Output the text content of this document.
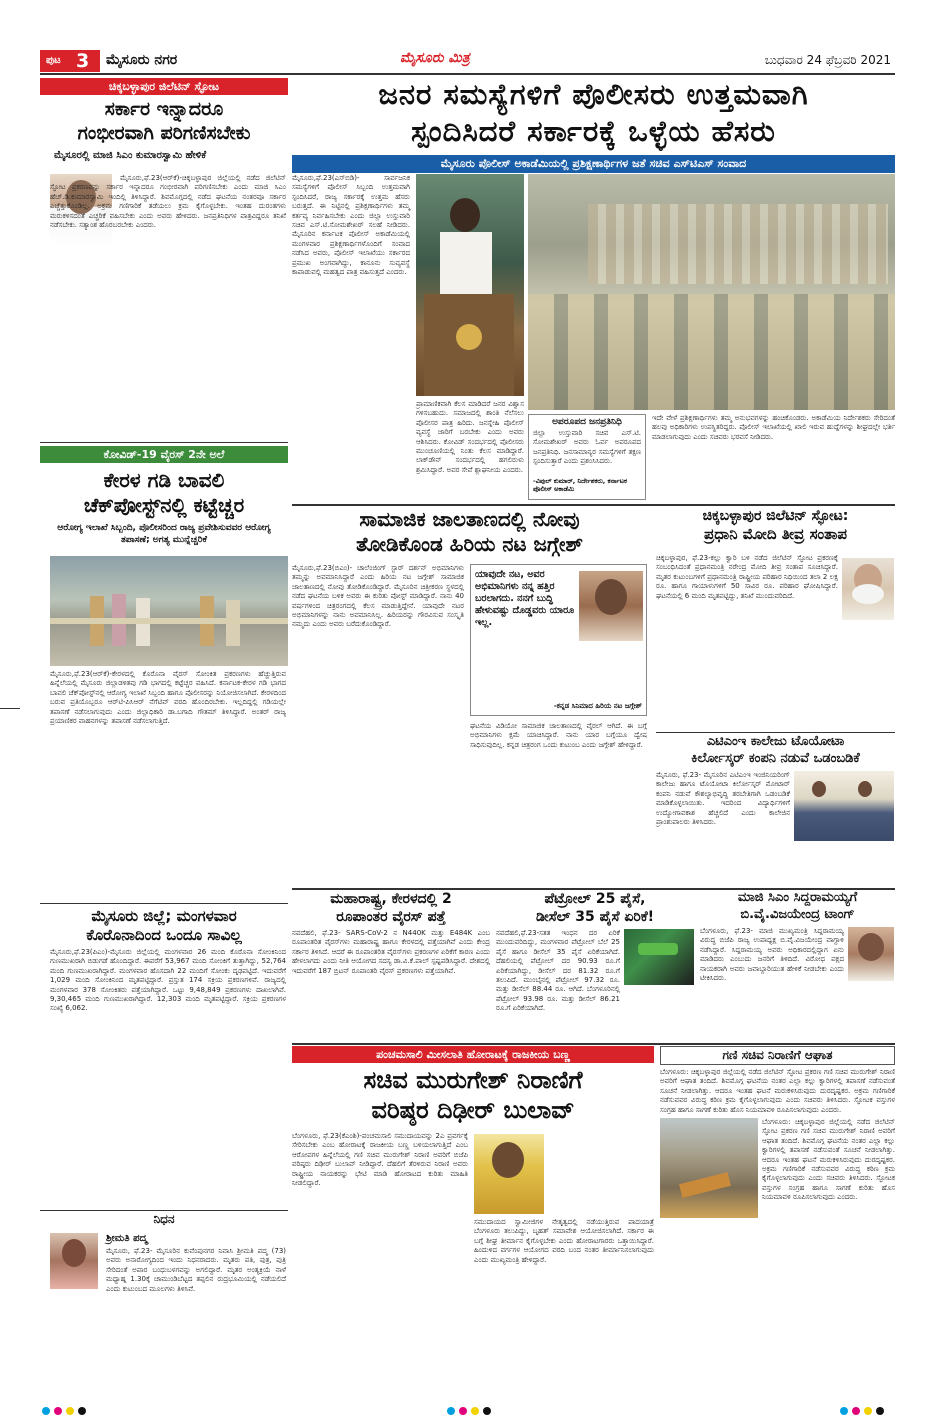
ಪುಟ 3 ಮೈಸೂರು ನಗರ	ಮೈಸೂರು ಮಿತ್ರ	ಬುಧವಾರ 24 ಫೆಬ್ರವರಿ 2021
ಚಿಕ್ಕಬಳ್ಳಾಪುರ ಜಿಲೆಟಿನ್ ಸ್ಫೋಟ
ಸರ್ಕಾರ ಇನ್ನಾದರೂ
ಗಂಭೀರವಾಗಿ ಪರಿಗಣಿಸಬೇಕು
ಮೈಸೂರಲ್ಲಿ ಮಾಜಿ ಸಿಎಂ ಕುಮಾರಸ್ವಾಮಿ ಹೇಳಿಕೆ
ಮೈಸೂರು,ಫೆ.23(ಆರ್‌ಕೆ)-ಚಿಕ್ಕಬಳ್ಳಾಪುರ ಜಿಲ್ಲೆಯಲ್ಲಿ ನಡೆದ ಜಿಲೆಟಿನ್ ಸ್ಫೋಟ ಪ್ರಕರಣವನ್ನು ಸರ್ಕಾರ ಇನ್ನಾದರೂ ಗಂಭೀರವಾಗಿ ಪರಿಗಣಿಸಬೇಕು ಎಂದು ಮಾಜಿ ಸಿಎಂ ಹೆಚ್.ಡಿ.ಕುಮಾರಸ್ವಾಮಿ ಇಂದಿಲ್ಲಿ ತಿಳಿಸಿದ್ದಾರೆ. ಶಿವಮೊಗ್ಗದಲ್ಲಿ ನಡೆದ ಘಟನೆಯ ನಂತರವೂ ಸರ್ಕಾರ ಎಚ್ಚೆತ್ತುಕೊಂಡಿಲ್ಲ. ಅಕ್ರಮ ಗಣಿಗಾರಿಕೆ ತಡೆಯಲು ಕ್ರಮ ಕೈಗೊಳ್ಳಬೇಕು. ಇಂತಹ ದುರಂತಗಳು ಮರುಕಳಿಸದಂತೆ ಎಚ್ಚರಿಕೆ ವಹಿಸಬೇಕು ಎಂದು ಅವರು ಹೇಳಿದರು. ಜನಪ್ರತಿನಿಧಿಗಳ ಪಾತ್ರವಿದ್ದರೂ ತನಿಖೆ ನಡೆಸಬೇಕು. ಸತ್ಯಾಂಶ ಹೊರಬರಬೇಕು ಎಂದರು.
ಕೋವಿಡ್-19 ವೈರಸ್ 2ನೇ ಅಲೆ
ಕೇರಳ ಗಡಿ ಬಾವಲಿ
ಚೆಕ್‌ಪೋಸ್ಟ್‌ನಲ್ಲಿ ಕಟ್ಟೆಚ್ಚರ
ಆರೋಗ್ಯ ಇಲಾಖೆ ಸಿಬ್ಬಂದಿ, ಪೊಲೀಸರಿಂದ ರಾಜ್ಯ ಪ್ರವೇಶಿಸುವವರ ಆರೋಗ್ಯ ತಪಾಸಣೆ; ಅಗತ್ಯ ಮುನ್ನೆಚ್ಚರಿಕೆ
ಮೈಸೂರು,ಫೆ.23(ಆರ್‌ಕೆ)-ಕೇರಳದಲ್ಲಿ ಕೊರೊನಾ ವೈರಸ್ ಸೋಂಕಿತ ಪ್ರಕರಣಗಳು ಹೆಚ್ಚುತ್ತಿರುವ ಹಿನ್ನೆಲೆಯಲ್ಲಿ ಮೈಸೂರು ಜಿಲ್ಲಾಡಳಿತವು ಗಡಿ ಭಾಗದಲ್ಲಿ ಕಟ್ಟೆಚ್ಚರ ವಹಿಸಿದೆ. ಕರ್ನಾಟಕ-ಕೇರಳ ಗಡಿ ಭಾಗದ ಬಾವಲಿ ಚೆಕ್‌ಪೋಸ್ಟ್‌ನಲ್ಲಿ ಆರೋಗ್ಯ ಇಲಾಖೆ ಸಿಬ್ಬಂದಿ ಹಾಗೂ ಪೊಲೀಸರನ್ನು ನಿಯೋಜಿಸಲಾಗಿದೆ. ಕೇರಳದಿಂದ ಬರುವ ಪ್ರತಿಯೊಬ್ಬರೂ ಆರ್‌ಟಿ-ಪಿಸಿಆರ್ ನೆಗೆಟಿವ್ ವರದಿ ಹೊಂದಿರಬೇಕು. ಇಲ್ಲದಿದ್ದಲ್ಲಿ ಗಡಿಯಲ್ಲೇ ತಪಾಸಣೆ ನಡೆಸಲಾಗುವುದು ಎಂದು ಜಿಲ್ಲಾಧಿಕಾರಿ ಡಾ.ಬಗಾದಿ ಗೌತಮ್ ತಿಳಿಸಿದ್ದಾರೆ. ಅಂತರ್ ರಾಜ್ಯ ಪ್ರಯಾಣಿಕರ ವಾಹನಗಳನ್ನು ತಪಾಸಣೆ ನಡೆಸಲಾಗುತ್ತಿದೆ.
ಮೈಸೂರು ಜಿಲ್ಲೆ; ಮಂಗಳವಾರ
ಕೊರೊನಾದಿಂದ ಒಂದೂ ಸಾವಿಲ್ಲ
ಮೈಸೂರು,ಫೆ.23(ಪಿಎಂ)-ಮೈಸೂರು ಜಿಲ್ಲೆಯಲ್ಲಿ ಮಂಗಳವಾರ 26 ಮಂದಿ ಕೊರೊನಾ ಸೋಂಕಿನಿಂದ ಗುಣಮುಖರಾಗಿ ಬಿಡುಗಡೆ ಹೊಂದಿದ್ದಾರೆ. ಈವರೆಗೆ 53,967 ಮಂದಿ ಸೋಂಕಿಗೆ ತುತ್ತಾಗಿದ್ದು, 52,764 ಮಂದಿ ಗುಣಮುಖರಾಗಿದ್ದಾರೆ. ಮಂಗಳವಾರ ಹೊಸದಾಗಿ 22 ಮಂದಿಗೆ ಸೋಂಕು ದೃಢಪಟ್ಟಿದೆ. ಇದುವರೆಗೆ 1,029 ಮಂದಿ ಸೋಂಕಿನಿಂದ ಮೃತಪಟ್ಟಿದ್ದಾರೆ. ಪ್ರಸ್ತುತ 174 ಸಕ್ರಿಯ ಪ್ರಕರಣಗಳಿವೆ. ರಾಜ್ಯದಲ್ಲಿ ಮಂಗಳವಾರ 378 ಸೋಂಕಿತರು ಪತ್ತೆಯಾಗಿದ್ದಾರೆ. ಒಟ್ಟು 9,48,849 ಪ್ರಕರಣಗಳು ದಾಖಲಾಗಿವೆ. 9,30,465 ಮಂದಿ ಗುಣಮುಖರಾಗಿದ್ದಾರೆ. 12,303 ಮಂದಿ ಮೃತಪಟ್ಟಿದ್ದಾರೆ. ಸಕ್ರಿಯ ಪ್ರಕರಣಗಳ ಸಂಖ್ಯೆ 6,062.
ನಿಧನ
ಶ್ರೀಮತಿ ಪದ್ಮ
ಮೈಸೂರು, ಫೆ.23- ಮೈಸೂರಿನ ಕುವೆಂಪುನಗರ ನಿವಾಸಿ ಶ್ರೀಮತಿ ಪದ್ಮ (73) ಅವರು ಅನಾರೋಗ್ಯದಿಂದ ಇಂದು ನಿಧನರಾದರು. ಮೃತರು ಪತಿ, ಪುತ್ರ, ಪುತ್ರಿ ಸೇರಿದಂತೆ ಅಪಾರ ಬಂಧುಬಳಗವನ್ನು ಅಗಲಿದ್ದಾರೆ. ಮೃತರ ಅಂತ್ಯಕ್ರಿಯೆ ನಾಳೆ ಮಧ್ಯಾಹ್ನ 1.30ಕ್ಕೆ ಚಾಮುಂಡಿಬೆಟ್ಟದ ತಪ್ಪಲಿನ ರುದ್ರಭೂಮಿಯಲ್ಲಿ ನಡೆಯಲಿದೆ ಎಂದು ಕುಟುಂಬದ ಮೂಲಗಳು ತಿಳಿಸಿವೆ.
ಜನರ ಸಮಸ್ಯೆಗಳಿಗೆ ಪೊಲೀಸರು ಉತ್ತಮವಾಗಿ
ಸ್ಪಂದಿಸಿದರೆ ಸರ್ಕಾರಕ್ಕೆ ಒಳ್ಳೆಯ ಹೆಸರು
ಮೈಸೂರು ಪೊಲೀಸ್ ಅಕಾಡೆಮಿಯಲ್ಲಿ ಪ್ರಶಿಕ್ಷಣಾರ್ಥಿಗಳ ಜತೆ ಸಚಿವ ಎಸ್‌ಟಿಎಸ್ ಸಂವಾದ
ಮೈಸೂರು,ಫೆ.23(ಎಸ್‌ಬಿಡಿ)- ಸಾರ್ವಜನಿಕ ಸಮಸ್ಯೆಗಳಿಗೆ ಪೊಲೀಸ್ ಸಿಬ್ಬಂದಿ ಉತ್ತಮವಾಗಿ ಸ್ಪಂದಿಸಿದರೆ, ರಾಜ್ಯ ಸರ್ಕಾರಕ್ಕೆ ಉತ್ತಮ ಹೆಸರು ಬರುತ್ತದೆ. ಈ ನಿಟ್ಟಿನಲ್ಲಿ ಪ್ರಶಿಕ್ಷಣಾರ್ಥಿಗಳು ತಮ್ಮ ಕರ್ತವ್ಯ ನಿರ್ವಹಿಸಬೇಕು ಎಂದು ಜಿಲ್ಲಾ ಉಸ್ತುವಾರಿ ಸಚಿವ ಎಸ್.ಟಿ.ಸೋಮಶೇಖರ್ ಸಲಹೆ ನೀಡಿದರು. ಮೈಸೂರಿನ ಕರ್ನಾಟಕ ಪೊಲೀಸ್ ಅಕಾಡೆಮಿಯಲ್ಲಿ ಮಂಗಳವಾರ ಪ್ರಶಿಕ್ಷಣಾರ್ಥಿಗಳೊಂದಿಗೆ ಸಂವಾದ ನಡೆಸಿದ ಅವರು, ಪೊಲೀಸ್ ಇಲಾಖೆಯು ಸರ್ಕಾರದ ಪ್ರಮುಖ ಅಂಗವಾಗಿದ್ದು, ಕಾನೂನು ಸುವ್ಯವಸ್ಥೆ ಕಾಪಾಡುವಲ್ಲಿ ಮಹತ್ವದ ಪಾತ್ರ ವಹಿಸುತ್ತದೆ ಎಂದರು.
ಪ್ರಾಮಾಣಿಕವಾಗಿ ಕೆಲಸ ಮಾಡಿದರೆ ಜನರ ವಿಶ್ವಾಸ ಗಳಿಸಬಹುದು. ಸಮಾಜದಲ್ಲಿ ಶಾಂತಿ ನೆಲೆಸಲು ಪೊಲೀಸರ ಪಾತ್ರ ಹಿರಿದು. ಜನಸ್ನೇಹಿ ಪೊಲೀಸ್ ವ್ಯವಸ್ಥೆ ಜಾರಿಗೆ ಬರಬೇಕು ಎಂದು ಅವರು ಆಶಿಸಿದರು. ಕೋವಿಡ್ ಸಂದರ್ಭದಲ್ಲಿ ಪೊಲೀಸರು ಮುಂಚೂಣಿಯಲ್ಲಿ ನಿಂತು ಕೆಲಸ ಮಾಡಿದ್ದಾರೆ. ಲಾಕ್‌ಡೌನ್ ಸಂದರ್ಭದಲ್ಲಿ ಹಗಲಿರುಳು ಶ್ರಮಿಸಿದ್ದಾರೆ. ಅವರ ಸೇವೆ ಶ್ಲಾಘನೀಯ ಎಂದರು.
ಅಪರೂಪದ ಜನಪ್ರತಿನಿಧಿ
ಜಿಲ್ಲಾ ಉಸ್ತುವಾರಿ ಸಚಿವ ಎಸ್.ಟಿ. ಸೋಮಶೇಖರ್ ಅವರು ಓರ್ವ ಅಪರೂಪದ ಜನಪ್ರತಿನಿಧಿ. ಜನಸಾಮಾನ್ಯರ ಸಮಸ್ಯೆಗಳಿಗೆ ತಕ್ಷಣ ಸ್ಪಂದಿಸುತ್ತಾರೆ ಎಂದು ಪ್ರಶಂಸಿಸಿದರು.
-ವಿಪುಲ್ ಕುಮಾರ್, ನಿರ್ದೇಶಕರು, ಕರ್ನಾಟಕ ಪೊಲೀಸ್ ಅಕಾಡೆಮಿ
ಇದೇ ವೇಳೆ ಪ್ರಶಿಕ್ಷಣಾರ್ಥಿಗಳು ತಮ್ಮ ಅನುಭವಗಳನ್ನು ಹಂಚಿಕೊಂಡರು. ಅಕಾಡೆಮಿಯ ನಿರ್ದೇಶಕರು ಸೇರಿದಂತೆ ಹಲವು ಅಧಿಕಾರಿಗಳು ಉಪಸ್ಥಿತರಿದ್ದರು. ಪೊಲೀಸ್ ಇಲಾಖೆಯಲ್ಲಿ ಖಾಲಿ ಇರುವ ಹುದ್ದೆಗಳನ್ನು ಶೀಘ್ರದಲ್ಲೇ ಭರ್ತಿ ಮಾಡಲಾಗುವುದು ಎಂದು ಸಚಿವರು ಭರವಸೆ ನೀಡಿದರು.
ಸಾಮಾಜಿಕ ಜಾಲತಾಣದಲ್ಲಿ ನೋವು
ತೋಡಿಕೊಂಡ ಹಿರಿಯ ನಟ ಜಗ್ಗೇಶ್
ಮೈಸೂರು,ಫೆ.23(ಬಿಎಂ)- ಚಾಲೆಂಜಿಂಗ್ ಸ್ಟಾರ್ ದರ್ಶನ್ ಅಭಿಮಾನಿಗಳು ತಮ್ಮನ್ನು ಅವಮಾನಿಸಿದ್ದಾರೆ ಎಂದು ಹಿರಿಯ ನಟ ಜಗ್ಗೇಶ್ ಸಾಮಾಜಿಕ ಜಾಲತಾಣದಲ್ಲಿ ನೋವು ತೋಡಿಕೊಂಡಿದ್ದಾರೆ. ಮೈಸೂರಿನ ಚಿತ್ರೀಕರಣ ಸ್ಥಳದಲ್ಲಿ ನಡೆದ ಘಟನೆಯ ಬಳಿಕ ಅವರು ಈ ಕುರಿತು ಪೋಸ್ಟ್ ಮಾಡಿದ್ದಾರೆ. ನಾನು 40 ವರ್ಷಗಳಿಂದ ಚಿತ್ರರಂಗದಲ್ಲಿ ಕೆಲಸ ಮಾಡುತ್ತಿದ್ದೇನೆ. ಯಾವುದೇ ನಟರ ಅಭಿಮಾನಿಗಳನ್ನು ನಾನು ಅವಮಾನಿಸಿಲ್ಲ. ಹಿರಿಯರನ್ನು ಗೌರವಿಸುವ ಸಂಸ್ಕೃತಿ ನಮ್ಮದು ಎಂದು ಅವರು ಬರೆದುಕೊಂಡಿದ್ದಾರೆ.
ಯಾವುದೇ ನಟ, ಅವರ ಅಭಿಮಾನಿಗಳು ನನ್ನ ಹತ್ತಿರ ಬರಲಾಗದು. ನನಗೆ ಬುದ್ಧಿ ಹೇಳುವಷ್ಟು ದೊಡ್ಡವರು ಯಾರೂ ಇಲ್ಲ.
-ಕನ್ನಡ ಸಿನಿಮಾದ ಹಿರಿಯ ನಟ ಜಗ್ಗೇಶ್
ಘಟನೆಯ ವಿಡಿಯೋ ಸಾಮಾಜಿಕ ಜಾಲತಾಣದಲ್ಲಿ ವೈರಲ್ ಆಗಿದೆ. ಈ ಬಗ್ಗೆ ಅಭಿಮಾನಿಗಳು ಕ್ಷಮೆ ಯಾಚಿಸಿದ್ದಾರೆ. ನಾನು ಯಾರ ಬಗ್ಗೆಯೂ ದ್ವೇಷ ಸಾಧಿಸುವುದಿಲ್ಲ. ಕನ್ನಡ ಚಿತ್ರರಂಗ ಒಂದು ಕುಟುಂಬ ಎಂದು ಜಗ್ಗೇಶ್ ಹೇಳಿದ್ದಾರೆ.
ಚಿಕ್ಕಬಳ್ಳಾಪುರ ಜಿಲೆಟಿನ್ ಸ್ಫೋಟ:
ಪ್ರಧಾನಿ ಮೋದಿ ತೀವ್ರ ಸಂತಾಪ
ಚಿಕ್ಕಬಳ್ಳಾಪುರ, ಫೆ.23-ಕಲ್ಲು ಕ್ವಾರಿ ಬಳಿ ನಡೆದ ಜಿಲೆಟಿನ್ ಸ್ಫೋಟ ಪ್ರಕರಣಕ್ಕೆ ಸಂಬಂಧಿಸಿದಂತೆ ಪ್ರಧಾನಮಂತ್ರಿ ನರೇಂದ್ರ ಮೋದಿ ತೀವ್ರ ಸಂತಾಪ ಸೂಚಿಸಿದ್ದಾರೆ. ಮೃತರ ಕುಟುಂಬಗಳಿಗೆ ಪ್ರಧಾನಮಂತ್ರಿ ರಾಷ್ಟ್ರೀಯ ಪರಿಹಾರ ನಿಧಿಯಿಂದ ತಲಾ 2 ಲಕ್ಷ ರೂ. ಹಾಗೂ ಗಾಯಾಳುಗಳಿಗೆ 50 ಸಾವಿರ ರೂ. ಪರಿಹಾರ ಘೋಷಿಸಿದ್ದಾರೆ. ಘಟನೆಯಲ್ಲಿ 6 ಮಂದಿ ಮೃತಪಟ್ಟಿದ್ದು, ತನಿಖೆ ಮುಂದುವರಿದಿದೆ.
ಎಟಿಎಂಇ ಕಾಲೇಜು ಟೊಯೋಟಾ
ಕಿರ್ಲೋಸ್ಕರ್ ಕಂಪನಿ ನಡುವೆ ಒಡಂಬಡಿಕೆ
ಮೈಸೂರು, ಫೆ.23- ಮೈಸೂರಿನ ಎಟಿಎಂಇ ಇಂಜಿನಿಯರಿಂಗ್ ಕಾಲೇಜು ಹಾಗೂ ಟೊಯೋಟಾ ಕಿರ್ಲೋಸ್ಕರ್ ಮೋಟಾರ್ ಕಂಪನಿ ನಡುವೆ ಕೌಶಲ್ಯಾಭಿವೃದ್ಧಿ ತರಬೇತಿಗಾಗಿ ಒಡಂಬಡಿಕೆ ಮಾಡಿಕೊಳ್ಳಲಾಯಿತು. ಇದರಿಂದ ವಿದ್ಯಾರ್ಥಿಗಳಿಗೆ ಉದ್ಯೋಗಾವಕಾಶ ಹೆಚ್ಚಲಿದೆ ಎಂದು ಕಾಲೇಜಿನ ಪ್ರಾಂಶುಪಾಲರು ತಿಳಿಸಿದರು.
ಮಹಾರಾಷ್ಟ್ರ, ಕೇರಳದಲ್ಲಿ 2
ರೂಪಾಂತರ ವೈರಸ್ ಪತ್ತೆ
ನವದೆಹಲಿ, ಫೆ.23- SARS-CoV-2 ನ N440K ಮತ್ತು E484K ಎಂಬ ರೂಪಾಂತರಿತ ವೈರಸ್‌ಗಳು ಮಹಾರಾಷ್ಟ್ರ ಹಾಗೂ ಕೇರಳದಲ್ಲಿ ಪತ್ತೆಯಾಗಿವೆ ಎಂದು ಕೇಂದ್ರ ಸರ್ಕಾರ ತಿಳಿಸಿದೆ. ಆದರೆ ಈ ರೂಪಾಂತರಿತ ವೈರಸ್‌ಗಳು ಪ್ರಕರಣಗಳ ಏರಿಕೆಗೆ ಕಾರಣ ಎಂದು ಹೇಳಲಾಗದು ಎಂದು ನೀತಿ ಆಯೋಗದ ಸದಸ್ಯ ಡಾ.ವಿ.ಕೆ.ಪಾಲ್ ಸ್ಪಷ್ಟಪಡಿಸಿದ್ದಾರೆ. ದೇಶದಲ್ಲಿ ಇದುವರೆಗೆ 187 ಬ್ರಿಟನ್ ರೂಪಾಂತರಿ ವೈರಸ್ ಪ್ರಕರಣಗಳು ಪತ್ತೆಯಾಗಿವೆ.
ಪೆಟ್ರೋಲ್ 25 ಪೈಸೆ,
ಡೀಸೆಲ್ 35 ಪೈಸೆ ಏರಿಕೆ!
ನವದೆಹಲಿ,ಫೆ.23-ಸತತ ಇಂಧನ ದರ ಏರಿಕೆ ಮುಂದುವರಿದಿದ್ದು, ಮಂಗಳವಾರ ಪೆಟ್ರೋಲ್ ಬೆಲೆ 25 ಪೈಸೆ ಹಾಗೂ ಡೀಸೆಲ್ 35 ಪೈಸೆ ಏರಿಕೆಯಾಗಿದೆ. ದೆಹಲಿಯಲ್ಲಿ ಪೆಟ್ರೋಲ್ ದರ 90.93 ರೂ.ಗೆ ಏರಿಕೆಯಾಗಿದ್ದು, ಡೀಸೆಲ್ ದರ 81.32 ರೂ.ಗೆ ತಲುಪಿದೆ. ಮುಂಬೈನಲ್ಲಿ ಪೆಟ್ರೋಲ್ 97.32 ರೂ. ಮತ್ತು ಡೀಸೆಲ್ 88.44 ರೂ. ಆಗಿದೆ. ಬೆಂಗಳೂರಿನಲ್ಲಿ ಪೆಟ್ರೋಲ್ 93.98 ರೂ. ಮತ್ತು ಡೀಸೆಲ್ 86.21 ರೂ.ಗೆ ಏರಿಕೆಯಾಗಿದೆ.
ಮಾಜಿ ಸಿಎಂ ಸಿದ್ದರಾಮಯ್ಯಗೆ
ಬಿ.ವೈ.ವಿಜಯೇಂದ್ರ ಟಾಂಗ್
ಬೆಂಗಳೂರು, ಫೆ.23- ಮಾಜಿ ಮುಖ್ಯಮಂತ್ರಿ ಸಿದ್ದರಾಮಯ್ಯ ವಿರುದ್ಧ ಬಿಜೆಪಿ ರಾಜ್ಯ ಉಪಾಧ್ಯಕ್ಷ ಬಿ.ವೈ.ವಿಜಯೇಂದ್ರ ವಾಗ್ದಾಳಿ ನಡೆಸಿದ್ದಾರೆ. ಸಿದ್ದರಾಮಯ್ಯ ಅವರು ಅಧಿಕಾರದಲ್ಲಿದ್ದಾಗ ಏನು ಮಾಡಿದರು ಎಂಬುದು ಜನರಿಗೆ ತಿಳಿದಿದೆ. ವಿರೋಧ ಪಕ್ಷದ ನಾಯಕರಾಗಿ ಅವರು ಜವಾಬ್ದಾರಿಯುತ ಹೇಳಿಕೆ ನೀಡಬೇಕು ಎಂದು ಟೀಕಿಸಿದರು.
ಪಂಚಮಸಾಲಿ ಮೀಸಲಾತಿ ಹೋರಾಟಕ್ಕೆ ರಾಜಕೀಯ ಬಣ್ಣ
ಸಚಿವ ಮುರುಗೇಶ್ ನಿರಾಣಿಗೆ
ವರಿಷ್ಠರ ದಿಢೀರ್ ಬುಲಾವ್
ಬೆಂಗಳೂರು, ಫೆ.23(ಕೆಎಂಶಿ)-ಪಂಚಮಸಾಲಿ ಸಮುದಾಯವನ್ನು 2ಎ ಪ್ರವರ್ಗಕ್ಕೆ ಸೇರಿಸಬೇಕು ಎಂಬ ಹೋರಾಟಕ್ಕೆ ರಾಜಕೀಯ ಬಣ್ಣ ಬಳಿಯಲಾಗುತ್ತಿದೆ ಎಂಬ ಆರೋಪಗಳ ಹಿನ್ನೆಲೆಯಲ್ಲಿ ಗಣಿ ಸಚಿವ ಮುರುಗೇಶ್ ನಿರಾಣಿ ಅವರಿಗೆ ಬಿಜೆಪಿ ವರಿಷ್ಠರು ದಿಢೀರ್ ಬುಲಾವ್ ನೀಡಿದ್ದಾರೆ. ದೆಹಲಿಗೆ ತೆರಳಿರುವ ನಿರಾಣಿ ಅವರು ರಾಷ್ಟ್ರೀಯ ನಾಯಕರನ್ನು ಭೇಟಿ ಮಾಡಿ ಹೋರಾಟದ ಕುರಿತು ಮಾಹಿತಿ ನೀಡಲಿದ್ದಾರೆ.
ಸಮುದಾಯದ ಸ್ವಾಮೀಜಿಗಳ ನೇತೃತ್ವದಲ್ಲಿ ನಡೆಯುತ್ತಿರುವ ಪಾದಯಾತ್ರೆ ಬೆಂಗಳೂರು ತಲುಪಿದ್ದು, ಬೃಹತ್ ಸಮಾವೇಶ ಆಯೋಜಿಸಲಾಗಿದೆ. ಸರ್ಕಾರ ಈ ಬಗ್ಗೆ ಶೀಘ್ರ ತೀರ್ಮಾನ ಕೈಗೊಳ್ಳಬೇಕು ಎಂದು ಹೋರಾಟಗಾರರು ಒತ್ತಾಯಿಸಿದ್ದಾರೆ. ಹಿಂದುಳಿದ ವರ್ಗಗಳ ಆಯೋಗದ ವರದಿ ಬಂದ ನಂತರ ತೀರ್ಮಾನಿಸಲಾಗುವುದು ಎಂದು ಮುಖ್ಯಮಂತ್ರಿ ಹೇಳಿದ್ದಾರೆ.
ಗಣಿ ಸಚಿವ ನಿರಾಣಿಗೆ ಆಘಾತ
ಬೆಂಗಳೂರು: ಚಿಕ್ಕಬಳ್ಳಾಪುರ ಜಿಲ್ಲೆಯಲ್ಲಿ ನಡೆದ ಜಿಲೆಟಿನ್ ಸ್ಫೋಟ ಪ್ರಕರಣ ಗಣಿ ಸಚಿವ ಮುರುಗೇಶ್ ನಿರಾಣಿ ಅವರಿಗೆ ಆಘಾತ ತಂದಿದೆ. ಶಿವಮೊಗ್ಗ ಘಟನೆಯ ನಂತರ ಎಲ್ಲಾ ಕಲ್ಲು ಕ್ವಾರಿಗಳಲ್ಲಿ ತಪಾಸಣೆ ನಡೆಸುವಂತೆ ಸೂಚನೆ ನೀಡಲಾಗಿತ್ತು. ಆದರೂ ಇಂತಹ ಘಟನೆ ಮರುಕಳಿಸಿರುವುದು ದುರದೃಷ್ಟಕರ. ಅಕ್ರಮ ಗಣಿಗಾರಿಕೆ ನಡೆಸುವವರ ವಿರುದ್ಧ ಕಠಿಣ ಕ್ರಮ ಕೈಗೊಳ್ಳಲಾಗುವುದು ಎಂದು ಸಚಿವರು ತಿಳಿಸಿದರು. ಸ್ಫೋಟಕ ವಸ್ತುಗಳ ಸಂಗ್ರಹ ಹಾಗೂ ಸಾಗಣೆ ಕುರಿತು ಹೊಸ ನಿಯಮಾವಳಿ ರೂಪಿಸಲಾಗುವುದು ಎಂದರು.
ಬೆಂಗಳೂರು: ಚಿಕ್ಕಬಳ್ಳಾಪುರ ಜಿಲ್ಲೆಯಲ್ಲಿ ನಡೆದ ಜಿಲೆಟಿನ್ ಸ್ಫೋಟ ಪ್ರಕರಣ ಗಣಿ ಸಚಿವ ಮುರುಗೇಶ್ ನಿರಾಣಿ ಅವರಿಗೆ ಆಘಾತ ತಂದಿದೆ. ಶಿವಮೊಗ್ಗ ಘಟನೆಯ ನಂತರ ಎಲ್ಲಾ ಕಲ್ಲು ಕ್ವಾರಿಗಳಲ್ಲಿ ತಪಾಸಣೆ ನಡೆಸುವಂತೆ ಸೂಚನೆ ನೀಡಲಾಗಿತ್ತು. ಆದರೂ ಇಂತಹ ಘಟನೆ ಮರುಕಳಿಸಿರುವುದು ದುರದೃಷ್ಟಕರ. ಅಕ್ರಮ ಗಣಿಗಾರಿಕೆ ನಡೆಸುವವರ ವಿರುದ್ಧ ಕಠಿಣ ಕ್ರಮ ಕೈಗೊಳ್ಳಲಾಗುವುದು ಎಂದು ಸಚಿವರು ತಿಳಿಸಿದರು. ಸ್ಫೋಟಕ ವಸ್ತುಗಳ ಸಂಗ್ರಹ ಹಾಗೂ ಸಾಗಣೆ ಕುರಿತು ಹೊಸ ನಿಯಮಾವಳಿ ರೂಪಿಸಲಾಗುವುದು ಎಂದರು.
